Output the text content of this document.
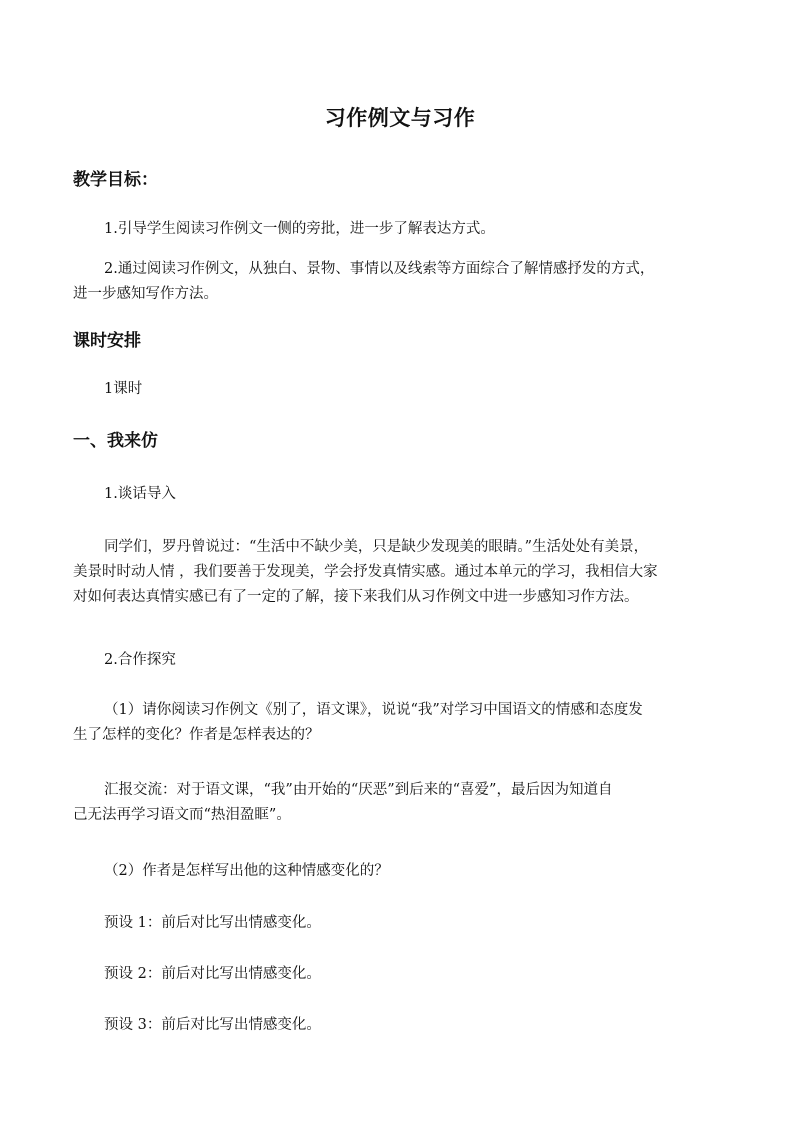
习作例文与习作
教学目标：
1.引导学生阅读习作例文一侧的旁批，进一步了解表达方式。
2.通过阅读习作例文，从独白、景物、事情以及线索等方面综合了解情感抒发的方式，
进一步感知写作方法。
课时安排
1课时
一、我来仿
1.谈话导入
同学们，罗丹曾说过：“生活中不缺少美，只是缺少发现美的眼睛。”生活处处有美景，
美景时时动人情 ，我们要善于发现美，学会抒发真情实感。通过本单元的学习，我相信大家
对如何表达真情实感已有了一定的了解，接下来我们从习作例文中进一步感知习作方法。
2.合作探究
（1）请你阅读习作例文《别了，语文课》，说说“我”对学习中国语文的情感和态度发
生了怎样的变化？作者是怎样表达的？
汇报交流：对于语文课，“我”由开始的“厌恶”到后来的“喜爱”，最后因为知道自
己无法再学习语文而“热泪盈眶”。
（2）作者是怎样写出他的这种情感变化的？
预设 1：前后对比写出情感变化。
预设 2：前后对比写出情感变化。
预设 3：前后对比写出情感变化。
